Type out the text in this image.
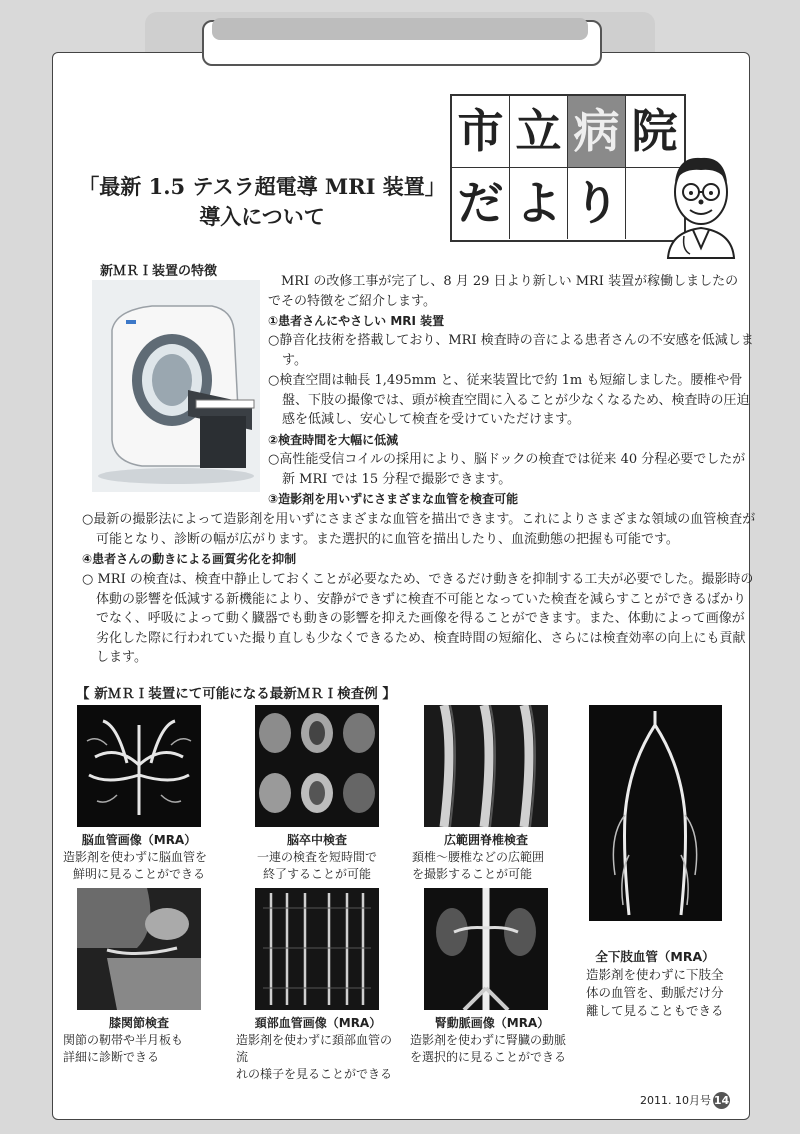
「最新 1.5 テスラ超電導 MRI 装置」
導入について
市 立 病 院
だ よ り
新ＭＲＩ装置の特徴

MRI の改修工事が完了し、8 月 29 日より新しい MRI 装置が稼働しましたのでその特徴をご紹介します。

①患者さんにやさしい MRI 装置

○静音化技術を搭載しており、MRI 検査時の音による患者さんの不安感を低減します。

○検査空間は軸長 1,495mm と、従来装置比で約 1m も短縮しました。腰椎や骨盤、下肢の撮像では、頭が検査空間に入ることが少なくなるため、検査時の圧迫感を低減し、安心して検査を受けていただけます。

②検査時間を大幅に低減

○高性能受信コイルの採用により、脳ドックの検査では従来 40 分程必要でしたが新 MRI では 15 分程で撮影できます。

③造影剤を用いずにさまざまな血管を検査可能

○最新の撮影法によって造影剤を用いずにさまざまな血管を描出できます。これによりさまざまな領域の血管検査が可能となり、診断の幅が広がります。また選択的に血管を描出したり、血流動態の把握も可能です。

④患者さんの動きによる画質劣化を抑制

○ MRI の検査は、検査中静止しておくことが必要なため、できるだけ動きを抑制する工夫が必要でした。撮影時の体動の影響を低減する新機能により、安静ができずに検査不可能となっていた検査を減らすことができるばかりでなく、呼吸によって動く臓器でも動きの影響を抑えた画像を得ることができます。また、体動によって画像が劣化した際に行われていた撮り直しも少なくできるため、検査時間の短縮化、さらには検査効率の向上にも貢献します。

【 新ＭＲＩ装置にて可能になる最新ＭＲＩ検査例 】
脳血管画像（MRA）
造影剤を使わずに脳血管を
鮮明に見ることができる
脳卒中検査
一連の検査を短時間で
終了することが可能
広範囲脊椎検査
頚椎～腰椎などの広範囲
を撮影することが可能
膝関節検査
関節の靭帯や半月板も
詳細に診断できる
頚部血管画像（MRA）
造影剤を使わずに頚部血管の流
れの様子を見ることができる
腎動脈画像（MRA）
造影剤を使わずに腎臓の動脈
を選択的に見ることができる
全下肢血管（MRA）
造影剤を使わずに下肢全体の血管を、動脈だけ分離して見ることもできる
2011. 10月号 14
